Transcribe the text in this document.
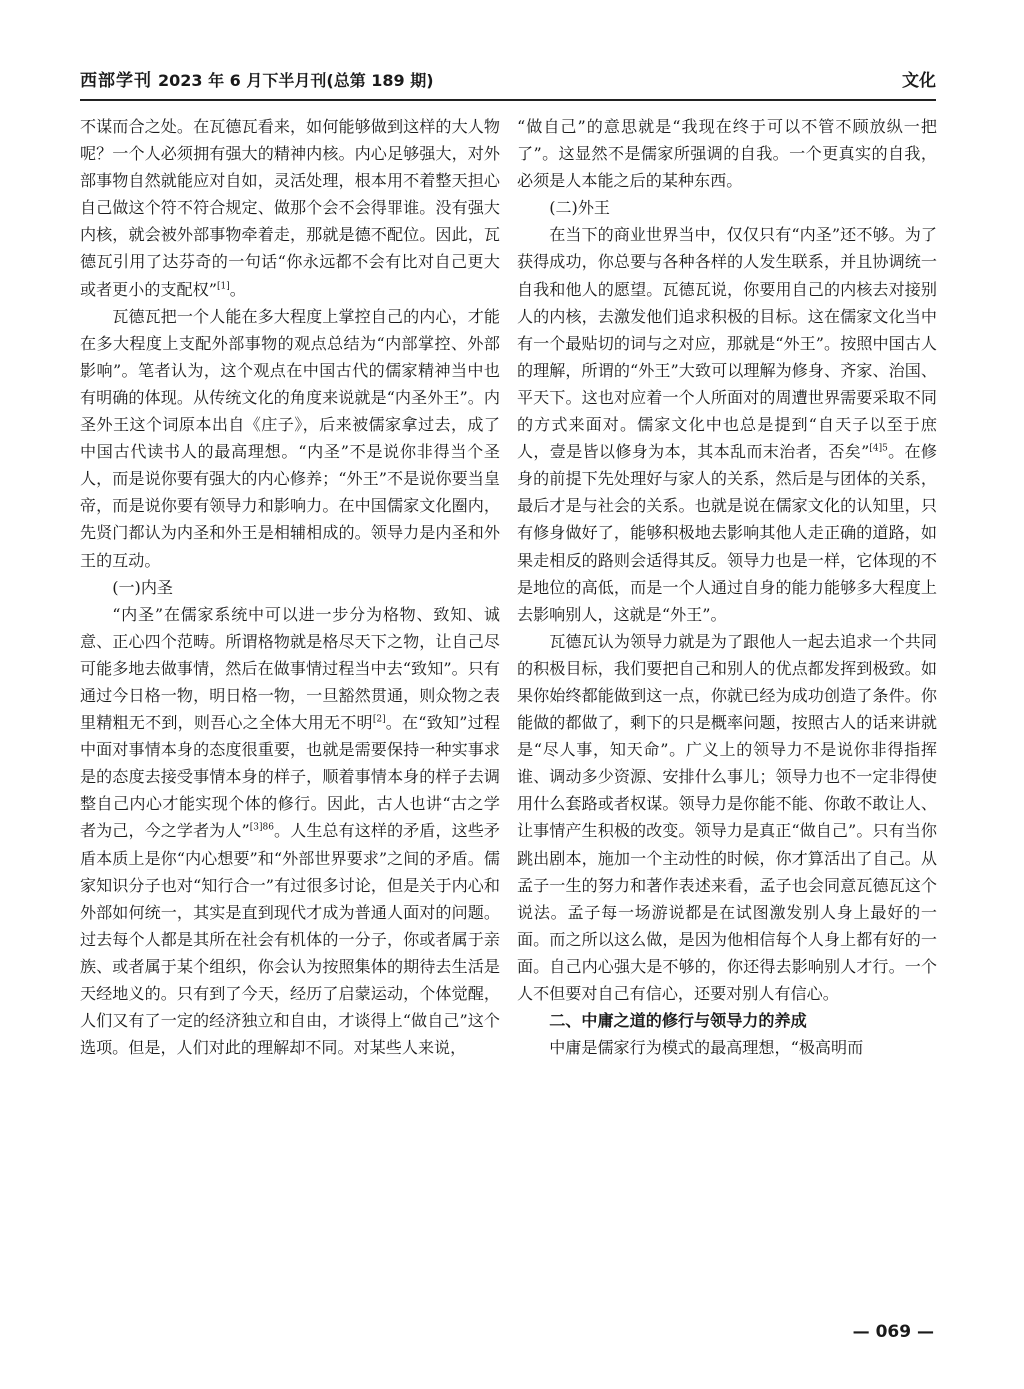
西部学刊 2023 年 6 月下半月刊(总第 189 期)	文化

不谋而合之处。在瓦德瓦看来，如何能够做到这样的大人物呢？一个人必须拥有强大的精神内核。内心足够强大，对外部事物自然就能应对自如，灵活处理，根本用不着整天担心自己做这个符不符合规定、做那个会不会得罪谁。没有强大内核，就会被外部事物牵着走，那就是德不配位。因此，瓦德瓦引用了达芬奇的一句话“你永远都不会有比对自己更大或者更小的支配权”[1]。

瓦德瓦把一个人能在多大程度上掌控自己的内心，才能在多大程度上支配外部事物的观点总结为“内部掌控、外部影响”。笔者认为，这个观点在中国古代的儒家精神当中也有明确的体现。从传统文化的角度来说就是“内圣外王”。内圣外王这个词原本出自《庄子》，后来被儒家拿过去，成了中国古代读书人的最高理想。“内圣”不是说你非得当个圣人，而是说你要有强大的内心修养；“外王”不是说你要当皇帝，而是说你要有领导力和影响力。在中国儒家文化圈内，先贤门都认为内圣和外王是相辅相成的。领导力是内圣和外王的互动。

(一)内圣

“内圣”在儒家系统中可以进一步分为格物、致知、诚意、正心四个范畴。所谓格物就是格尽天下之物，让自己尽可能多地去做事情，然后在做事情过程当中去“致知”。只有通过今日格一物，明日格一物，一旦豁然贯通，则众物之表里精粗无不到，则吾心之全体大用无不明[2]。在“致知”过程中面对事情本身的态度很重要，也就是需要保持一种实事求是的态度去接受事情本身的样子，顺着事情本身的样子去调整自己内心才能实现个体的修行。因此，古人也讲“古之学者为己，今之学者为人”$^{[3]86}$。人生总有这样的矛盾，这些矛盾本质上是你“内心想要”和“外部世界要求”之间的矛盾。儒家知识分子也对“知行合一”有过很多讨论，但是关于内心和外部如何统一，其实是直到现代才成为普通人面对的问题。过去每个人都是其所在社会有机体的一分子，你或者属于亲族、或者属于某个组织，你会认为按照集体的期待去生活是天经地义的。只有到了今天，经历了启蒙运动，个体觉醒，人们又有了一定的经济独立和自由，才谈得上“做自己”这个选项。但是，人们对此的理解却不同。对某些人来说，

“做自己”的意思就是“我现在终于可以不管不顾放纵一把了”。这显然不是儒家所强调的自我。一个更真实的自我，必须是人本能之后的某种东西。

(二)外王

在当下的商业世界当中，仅仅只有“内圣”还不够。为了获得成功，你总要与各种各样的人发生联系，并且协调统一自我和他人的愿望。瓦德瓦说，你要用自己的内核去对接别人的内核，去激发他们追求积极的目标。这在儒家文化当中有一个最贴切的词与之对应，那就是“外王”。按照中国古人的理解，所谓的“外王”大致可以理解为修身、齐家、治国、平天下。这也对应着一个人所面对的周遭世界需要采取不同的方式来面对。儒家文化中也总是提到“自天子以至于庶人，壹是皆以修身为本，其本乱而末治者，否矣”$^{[4]5}$。在修身的前提下先处理好与家人的关系，然后是与团体的关系，最后才是与社会的关系。也就是说在儒家文化的认知里，只有修身做好了，能够积极地去影响其他人走正确的道路，如果走相反的路则会适得其反。领导力也是一样，它体现的不是地位的高低，而是一个人通过自身的能力能够多大程度上去影响别人，这就是“外王”。

瓦德瓦认为领导力就是为了跟他人一起去追求一个共同的积极目标，我们要把自己和别人的优点都发挥到极致。如果你始终都能做到这一点，你就已经为成功创造了条件。你能做的都做了，剩下的只是概率问题，按照古人的话来讲就是“尽人事，知天命”。广义上的领导力不是说你非得指挥谁、调动多少资源、安排什么事儿；领导力也不一定非得使用什么套路或者权谋。领导力是你能不能、你敢不敢让人、让事情产生积极的改变。领导力是真正“做自己”。只有当你跳出剧本，施加一个主动性的时候，你才算活出了自己。从孟子一生的努力和著作表述来看，孟子也会同意瓦德瓦这个说法。孟子每一场游说都是在试图激发别人身上最好的一面。而之所以这么做，是因为他相信每个人身上都有好的一面。自己内心强大是不够的，你还得去影响别人才行。一个人不但要对自己有信心，还要对别人有信心。

二、中庸之道的修行与领导力的养成

中庸是儒家行为模式的最高理想，“极高明而

— 069 —
